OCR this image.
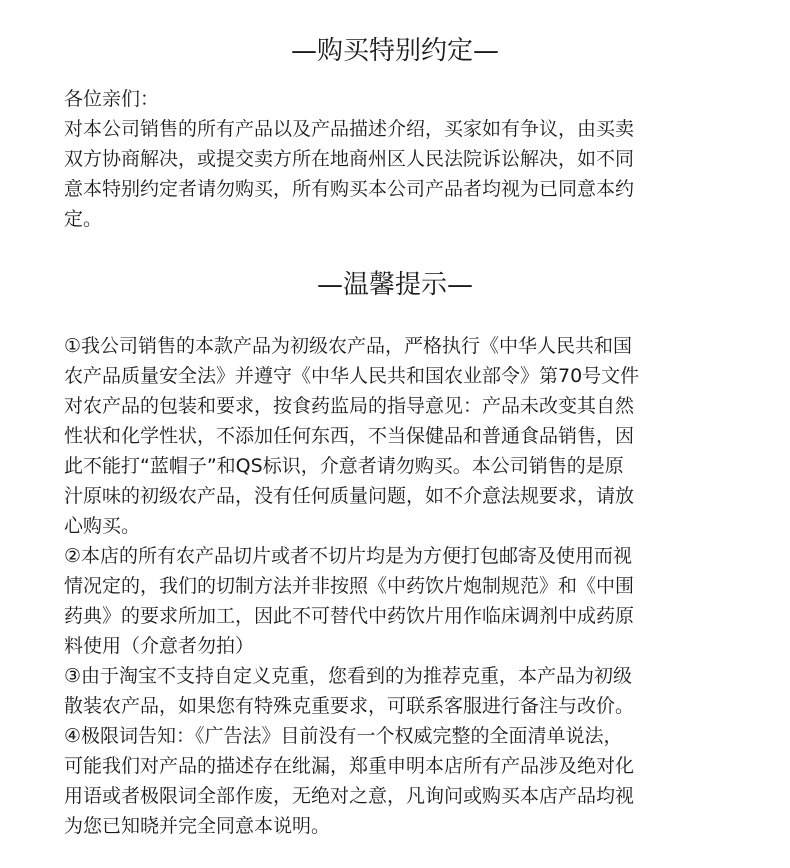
—购买特别约定—

各位亲们：
对本公司销售的所有产品以及产品描述介绍，买家如有争议，由买卖
双方协商解决，或提交卖方所在地商州区人民法院诉讼解决，如不同
意本特别约定者请勿购买，所有购买本公司产品者均视为已同意本约
定。

—温馨提示—

①我公司销售的本款产品为初级农产品，严格执行《中华人民共和国
农产品质量安全法》并遵守《中华人民共和国农业部令》第70号文件
对农产品的包装和要求，按食药监局的指导意见：产品未改变其自然
性状和化学性状，不添加任何东西，不当保健品和普通食品销售，因
此不能打“蓝帽子”和QS标识，介意者请勿购买。本公司销售的是原
汁原味的初级农产品，没有任何质量问题，如不介意法规要求，请放
心购买。
②本店的所有农产品切片或者不切片均是为方便打包邮寄及使用而视
情况定的，我们的切制方法并非按照《中药饮片炮制规范》和《中围
药典》的要求所加工，因此不可替代中药饮片用作临床调剂中成药原
料使用（介意者勿拍）
③由于淘宝不支持自定义克重，您看到的为推荐克重，本产品为初级
散装农产品，如果您有特殊克重要求，可联系客服进行备注与改价。
④极限词告知：《广告法》目前没有一个权威完整的全面清单说法，
可能我们对产品的描述存在纰漏，郑重申明本店所有产品涉及绝对化
用语或者极限词全部作废，无绝对之意，凡询问或购买本店产品均视
为您已知晓并完全同意本说明。
